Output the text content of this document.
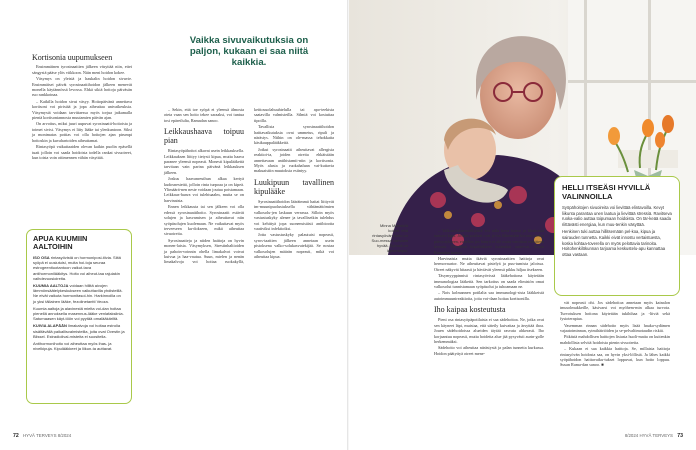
Kortisonia uupumukseen

Ensimmäinen tyrosinaattien jälkeen väsyttää niin, ettei sängystä pääse ylös viikkoon. Näin meni hoidon kokee.

Väsymys on yleisiä ja haukalin hoidon sivuvie. Ensimmäiset päivät syrosinaattihoidon jälkeen menevät monella käytännössä levossa. Ehkä sikiä hoitoja päiväsän ruo rankkoinaa.

– Kaikilla hoidon sivut väsyy. Hoitopäivänä annettava kortisoni voi piristää ja jopa aiheuttaa univaikeuksia. Väsymystä voidaan tarvittaessa myös torjua jatkamalla pientä kortisoniannosta muutamien päivän ajan.

On arvoitus, miksi juuri uupuvat syrosinaatti-hoitoista ja toimet sivist. Väsymys ei liity lääke tai ylenkuntoon. Siksi ja monimatas pottias voi olla hoitojen ajan pirumpi hoitoskin ja kuvahartoiden aiheuttamat.

Rintasyöpä vaikuttaaiden olevan kaikin puolin epäsellä tuati jolloin voi saada hoidoista todella rankat sivuoireet, kun toista voin ottimennen vähän väsyttää.

APUA KUUMIIN AALTOIHIN

ISO OSA rintasyövistä on hormoniposi-tiivia. Siitä syöpä ei uusiutuisi, muita hoi-toja seuraa estrogeenituotantoon vaikut-tava antihormonilääkitys. Hoito voi aiheut-taa rajuiakin vaihdevuosioireita.

KUUMIA AALTOJA voidaan hillitä aivojen lämmönsäätelykeskukseen vaikuttavilla yhdisteillä. Ne eivät vaikuta hormonitasoi-hin. Harkinnoilla on jo yksi tällainen lääke, fezolinetantti Veoza.

Kuumia aaltoja ja alavinestä mielta voi-dan hoitaa pienellä annoksella masennus-lääke venlafaksiinia. Saturnaasen käyt-töön voi pyytää omalääkäriltä.

KUIVIA ALAPÄÄN limakalvoja voi hoitaa estrolia sisältävällä paikallisvalmisteilla, joita ovat Ovestin ja Blissel. Estradiolival-misteita ei suositella.

Antihormonihoito voi aiheuttaa myös ihas- ja nivelkipuja. Kipulääkkeet ja liikun-ta auttavat.

Vaikka sivuvaikutuksia on paljon, kukaan ei saa niitä kaikkia.

– Sekin, että toe syöpä ei yleensä älmosta oteta vaan sen hoito tekee saraaksi, voi tuntua tosi epäreilulta, Ramadan sanoo.

Leikkaushaava toipuu pian

Rintasyöpähoitot alkavat usein leikkauksella. Leikkauksen liittyy tietysti kipua, mutta haava paranee yleensä nopeasti. Monesti kipulääkettä tarvitaan vain parina päivänä leikkauksen jälkeen.

Joskus haavanreuthun alkaa kertyä kudosnestettä, jolloin rinta turpoaa ja on kipeä. Ylimäärä-nen neste voidaan joutua poistamaan. Leikkaus-haava voi tulehtuaalm, mutta se on harvinaista.

Ennen leikkausta tai sen jälkeen voi olla edessä syrosinaattihoito. Syrosinaatit estävät solujen ja kasvamisen ja aiheuttavat niin syöpäsolujen kuolemaan. Ne vaikuttavat myös terveeseen ku-dokseen, mikä aiheuttaa sivuoireita.

Syrosinaatteja ja niiden haittoja on hyvin monen-laisia. Väsymyksen, Strestinhaltioiden ja pahoin-voinnin ohella limakalvot voivat kuivua ja haa-vautua. Suun, mielen ja nenän limakalvoja voi hoitaa ruokakyllä, keittosuolahuuhtelulla tai apo-teekista saatavilla valmisteilla. Silmiä voi kostuttaa tipoilla.

Tavallisia syrosinaattihoidon haittavaikutuksia ovat ummetus, ripuli ja närästys. Niihin on ole-massa tehokkaita käsikauppalääkkeitä.

Jotkut syrosinaatit aiheuttavat allergisia reaktioi-ta, joiden oireita ehkäistään annettavaan antihistamii-niin ja kortisonia. Myös alusta ja ruokahaluan vai-kuttavia makuaistiin muutoksia esiintyy.

Luukipuun tavallinen kipulääke

Syrosinaattihoidon lääräimmä haitat liittyvät im-muunipuolustuksella vähtämättömien valkosolu-jen laskuun verrassa. Silloin myös vastustuskyky alenee ja tavallisetkin tulehdus voi kehittyä jopa suonensisäisti antibiootta vaativiksi infektioiksi.

Jotta vastustuskyky palautuisi nopeasti, syros-taattien jälkeen annetaan usein pistoksena valko-solukasvutekijää. Se nostaa valkosolujen määrän nopeasti, mikä voi aiheuttaa kipua.

72 HYVÄ TERVEYS 8/2024
Minna Mäenkilä kokee, että rintasyövän hoito on Suo-messa vahvaan hyvää. Sylissä on lapsenlapsi.

– Valkosolukasvutekijästä voi tulla kova luissa ja lihaksissa tuntuva kipu. Joskus potilaat ovat jo-tut lähtemään kivuan vuoksi päivystykseen, eten-kin jos hänyä ei ole osatu varoittaa etukäteen kivusta. Tavalliset kipulääkkeet kuitenkin autta-vat, Susan Ramadan kertoo.

Harvinaisia mutta ikäviä syrosinaattien haittoja ovat hermovaurior. Ne aiheuttavat pistelyä ja puu-tumista jaloissa. Oireet näkyvät hitaasti ja häviävät yleensä pikku hiljaa itsekseen.

Täsymyyppinnisä rintasyövissä lääkehoitona käytetään immunologiaa lääkettä. Sen tarkoitus on saada elimistön omat valkosolut tunnistamaan syöpäsolut ja tuhoamaan ne.

– Nois kolmannen potilalta saa immunologi-sista lääkkeistä autoimmuunireaktioita, joita voi-daan hoitaa kortisonilla.

Iho kaipaa kosteutusta

Pieni osa rintasyöpäpotilaista ei saa sädehoitoa. Ne, jotka ovat sen käyneet läpi, muistaa, että säteily kuivattaa ja ärsyttää ihoa. Jouen sädehoidoissa alueiden täytää rasvata ahkerasti. Iho korjaantuu nopeasti, mutta hoidetta alue jää pysyvästi aurin-golle herkemmäksi.

Sädehoito voi aiheuttaa närästystä ja palan tunnetta kurkussa. Hoidon päätyttyä oireet mene-

HELLI ITSEÄSI HYVILLÄ VALINNOILLA

Syöpähoitojen sivuoireita voi lievittää elintavoilla. Kevyt liikunta parantaa unen laatua ja lievittää stressiä. Ravitseva ruoka-valio auttaa toipumaan hoidoista. On tär-keää saada riittävästi energiaa, kun muu-tenkin väsyttää.

Henkinen tuki auttaa hillitsemään pel-koa, kipua ja sairauden tunnetta. Kaikki eivät innostu vertaistuesta, koska kohtaa-toverella on myös pelottavia tarinoita. Hoitohenkilökunnan tarjoama keskustelu-apu kannattaa ottaa vastaan.

vät nopeasti ohi. Jos sädehoitoa annetaan myös kainalon imusolmukkeille, käsivarsi voi myöhem-min alkaa turvota. Turvotuksen hoitona käytetään tukihihaa ja -liiviä sekä fysioterapiaa.

Vasemman rinnan sädehoito myös lisää hauka-sydämen vajaatoiminnan, rytmihäiriöiden ja se-pelvaltimotaudin riskiä.

Pitkästä mahdollisen haittojen listasta huoli-matta on kuitenkin mahdollista selvitä hoidoista pienin sivuoireita.

– Kukaan ei saa kaikkia haittoja. Se, millaisia haittoja rintasyövän hoidosta saa, on hyvin yksi-löllistä. Ja lähes kaikki syöpähoidon haittavaiku-tukset loppuvat, kun hoito loppuu. Susan Rama-dan sanoo. ■

8/2024 HYVÄ TERVEYS 73
